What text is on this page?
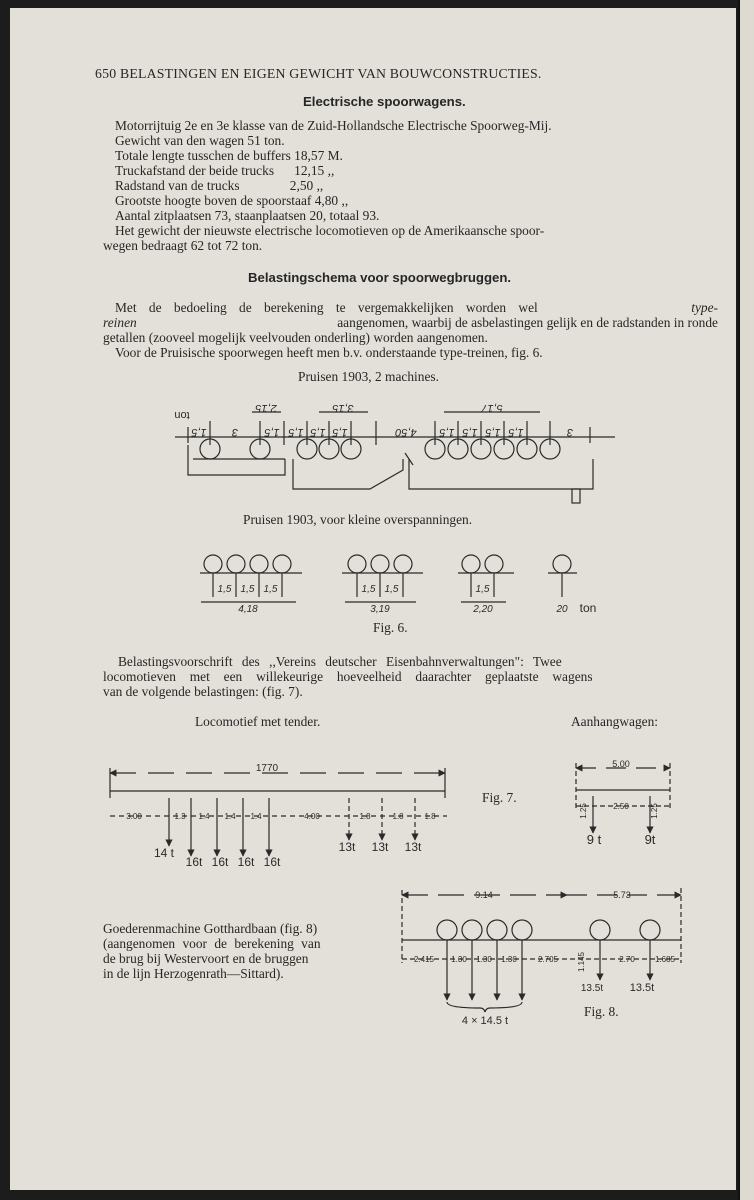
650 BELASTINGEN EN EIGEN GEWICHT VAN BOUWCONSTRUCTIES.
Electrische spoorwagens.
Motorrijtuig 2e en 3e klasse van de Zuid-Hollandsche Electrische Spoorweg-Mij.
Gewicht van den wagen 51 ton.
Totale lengte tusschen de buffers 18,57 M.
Truckafstand der beide trucks      12,15 ,,
Radstand van de trucks               2,50 ,,
Grootste hoogte boven de spoorstaaf 4,80 ,,
Aantal zitplaatsen 73, staanplaatsen 20, totaal 93.
Het gewicht der nieuwste electrische locomotieven op de Amerikaansche spoor-
wegen bedraagt 62 tot 72 ton.
Belastingschema voor spoorwegbruggen.
Met de bedoeling de berekening te vergemakkelijken worden wel	type-
reinen	aangenomen, waarbij de asbelastingen gelijk en de radstanden in ronde
getallen (zooveel mogelijk veelvouden onderling) worden aangenomen.
Voor de Pruisische spoorwegen heeft men b.v. onderstaande type-treinen, fig. 6.
Pruisen 1903, 2 machines.
Pruisen 1903, voor kleine overspanningen.
Fig. 6.
Belastingsvoorschrift des ,,Vereins deutscher Eisenbahnverwaltungen": Twee
locomotieven met een willekeurige hoeveelheid daarachter geplaatste wagens
van de volgende belastingen: (fig. 7).
Locomotief met tender.	Aanhangwagen:
Fig. 7.
Goederenmachine Gotthardbaan (fig. 8)
(aangenomen voor de berekening van
de brug bij Westervoort en de bruggen
in de lijn Herzogenrath—Sittard).
Fig. 8.
1,5 3 1,5 1,5 1,5 1,5	4,50 1,5 1,5 1,5 1,5	3
2,15	3,15	5,17
ton
1,5 1,5 1,5
4,18
1,5 1,5
3,19
1,5
2,20	20 ton
1770
3.00	1.3 1.4 1.4 1.4	4.00	1.8	1.8	1.8
14 t
16t 16t 16t 16t
13t 13t 13t
5.00
1.25	2.50	1.25
9 t	9t
9.14	5.73
2.415 1.30 1.30 1.30	2.705 1.145	2.70	1.685
13.5t 13.5t
4 × 14.5 t
